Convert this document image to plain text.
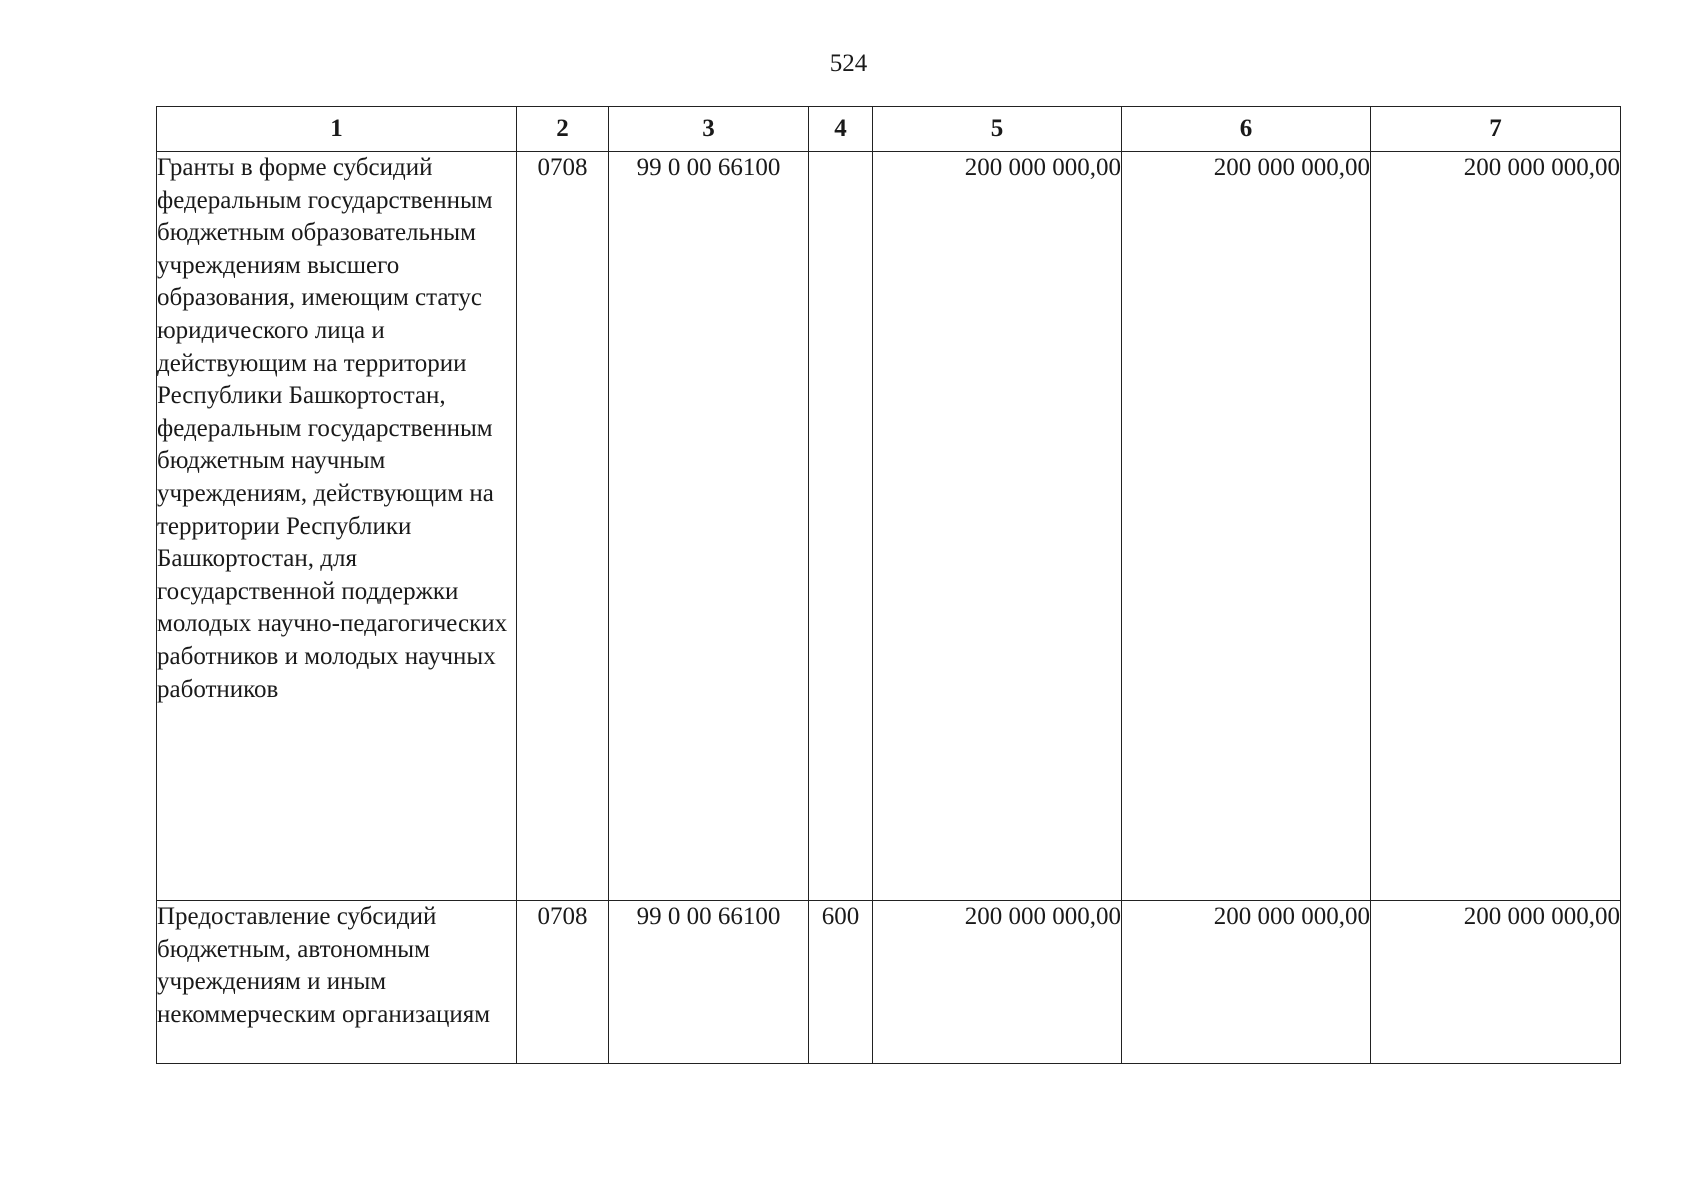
524
1	2	3	4	5	6	7
Гранты в форме субсидий федеральным государственным бюджетным образовательным учреждениям высшего образования, имеющим статус юридического лица и действующим на территории Республики Башкортостан, федеральным государственным бюджетным научным учреждениям, действующим на территории Республики Башкортостан, для государственной поддержки молодых научно-педагогических работников и молодых научных работников	0708	99 0 00 66100		200 000 000,00	200 000 000,00	200 000 000,00
Предоставление субсидий бюджетным, автономным учреждениям и иным некоммерческим организациям	0708	99 0 00 66100	600	200 000 000,00	200 000 000,00	200 000 000,00
